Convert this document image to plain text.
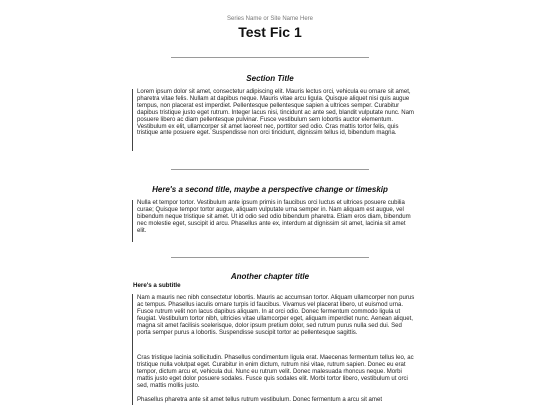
Series Name or Site Name Here
Test Fic 1
Section Title

Lorem ipsum dolor sit amet, consectetur adipiscing elit. Mauris lectus orci, vehicula eu ornare sit amet, pharetra vitae felis. Nullam at dapibus neque. Mauris vitae arcu ligula. Quisque aliquet nisi quis augue tempus, non placerat est imperdiet. Pellentesque pellentesque sapien a ultrices semper. Curabitur dapibus tristique justo eget rutrum. Integer lacus nisi, tincidunt ac ante sed, blandit vulputate nunc. Nam posuere libero ac diam pellentesque pulvinar. Fusce vestibulum sem lobortis auctor elementum. Vestibulum ex elit, ullamcorper sit amet laoreet nec, porttitor sed odio. Cras mattis tortor felis, quis tristique ante posuere eget. Suspendisse non orci tincidunt, dignissim tellus id, bibendum magna.

Here's a second title, maybe a perspective change or timeskip

Nulla et tempor tortor. Vestibulum ante ipsum primis in faucibus orci luctus et ultrices posuere cubilia curae; Quisque tempor tortor augue, aliquam vulputate urna semper in. Nam aliquam est augue, vel bibendum neque tristique sit amet. Ut id odio sed odio bibendum pharetra. Etiam eros diam, bibendum nec molestie eget, suscipit id arcu. Phasellus ante ex, interdum at dignissim sit amet, lacinia sit amet elit.

Another chapter title
Here's a subtitle

Nam a mauris nec nibh consectetur lobortis. Mauris ac accumsan tortor. Aliquam ullamcorper non purus ac tempus. Phasellus iaculis ornare turpis id faucibus. Vivamus vel placerat libero, ut euismod urna. Fusce rutrum velit non lacus dapibus aliquam. In at orci odio. Donec fermentum commodo ligula ut feugiat. Vestibulum tortor nibh, ultricies vitae ullamcorper eget, aliquam imperdiet nunc. Aenean aliquet, magna sit amet facilisis scelerisque, dolor ipsum pretium dolor, sed rutrum purus nulla sed dui. Sed porta semper purus a lobortis. Suspendisse suscipit tortor ac pellentesque sagittis.

Cras tristique lacinia sollicitudin. Phasellus condimentum ligula erat. Maecenas fermentum tellus leo, ac tristique nulla volutpat eget. Curabitur in enim dictum, rutrum nisi vitae, rutrum sapien. Donec eu erat tempor, dictum arcu et, vehicula dui. Nunc eu rutrum velit. Donec malesuada rhoncus neque. Morbi mattis justo eget dolor posuere sodales. Fusce quis sodales elit. Morbi tortor libero, vestibulum ut orci sed, mattis mollis justo.

Phasellus pharetra ante sit amet tellus rutrum vestibulum. Donec fermentum a arcu sit amet
